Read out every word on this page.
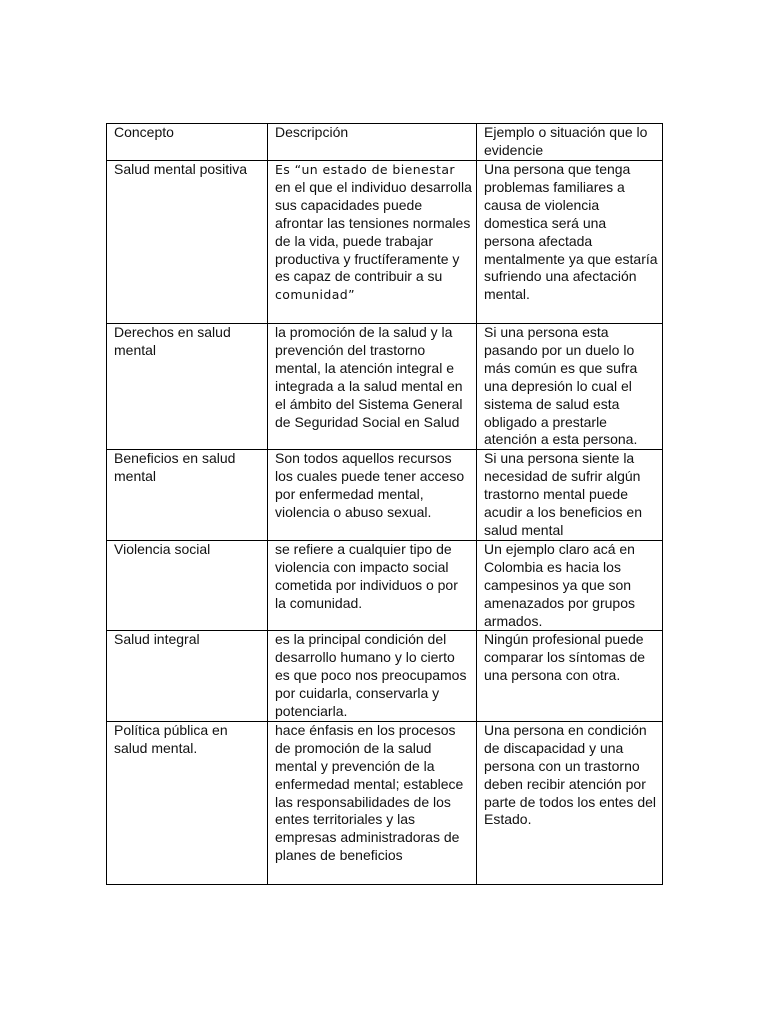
Concepto	Descripción	Ejemplo o situación que lo evidencie
Salud mental positiva	Es “un estado de bienestar en el que el individuo desarrolla sus capacidades puede afrontar las tensiones normales de la vida, puede trabajar productiva y fructíferamente y es capaz de contribuir a su comunidad”	Una persona que tenga problemas familiares a causa de violencia domestica será una persona afectada mentalmente ya que estaría sufriendo una afectación mental.
Derechos en salud mental	la promoción de la salud y la prevención del trastorno mental, la atención integral e integrada a la salud mental en el ámbito del Sistema General de Seguridad Social en Salud	Si una persona esta pasando por un duelo lo más común es que sufra una depresión lo cual el sistema de salud esta obligado a prestarle atención a esta persona.
Beneficios en salud mental	Son todos aquellos recursos los cuales puede tener acceso por enfermedad mental, violencia o abuso sexual.	Si una persona siente la necesidad de sufrir algún trastorno mental puede acudir a los beneficios en salud mental
Violencia social	se refiere a cualquier tipo de violencia con impacto social cometida por individuos o por la comunidad.	Un ejemplo claro acá en Colombia es hacia los campesinos ya que son amenazados por grupos armados.
Salud integral	es la principal condición del desarrollo humano y lo cierto es que poco nos preocupamos por cuidarla, conservarla y potenciarla.	Ningún profesional puede comparar los síntomas de una persona con otra.
Política pública en salud mental.	hace énfasis en los procesos de promoción de la salud mental y prevención de la enfermedad mental; establece las responsabilidades de los entes territoriales y las empresas administradoras de planes de beneficios	Una persona en condición de discapacidad y una persona con un trastorno deben recibir atención por parte de todos los entes del Estado.
